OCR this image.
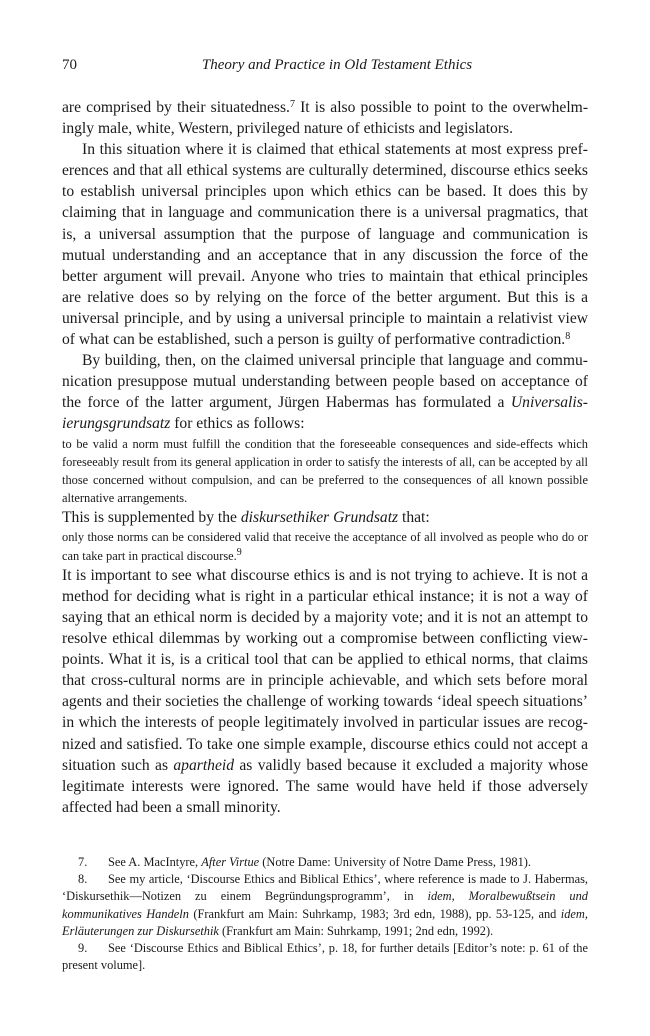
70	Theory and Practice in Old Testament Ethics

are comprised by their situatedness.$^7$ It is also possible to point to the overwhelmingly male, white, Western, privileged nature of ethicists and legislators.

In this situation where it is claimed that ethical statements at most express preferences and that all ethical systems are culturally determined, discourse ethics seeks to establish universal principles upon which ethics can be based. It does this by claiming that in language and communication there is a universal pragmatics, that is, a universal assumption that the purpose of language and communication is mutual understanding and an acceptance that in any discussion the force of the better argument will prevail. Anyone who tries to maintain that ethical principles are relative does so by relying on the force of the better argument. But this is a universal principle, and by using a universal principle to maintain a relativist view of what can be established, such a person is guilty of performative contradiction.$^8$

By building, then, on the claimed universal principle that language and communication presuppose mutual understanding between people based on acceptance of the force of the latter argument, Jürgen Habermas has formulated a Universalisierungsgrundsatz for ethics as follows:

to be valid a norm must fulfill the condition that the foreseeable consequences and side-effects which foreseeably result from its general application in order to satisfy the interests of all, can be accepted by all those concerned without compulsion, and can be preferred to the consequences of all known possible alternative arrangements.

This is supplemented by the diskursethiker Grundsatz that:

only those norms can be considered valid that receive the acceptance of all involved as people who do or can take part in practical discourse.$^9$

It is important to see what discourse ethics is and is not trying to achieve. It is not a method for deciding what is right in a particular ethical instance; it is not a way of saying that an ethical norm is decided by a majority vote; and it is not an attempt to resolve ethical dilemmas by working out a compromise between conflicting viewpoints. What it is, is a critical tool that can be applied to ethical norms, that claims that cross-cultural norms are in principle achievable, and which sets before moral agents and their societies the challenge of working towards ‘ideal speech situations’ in which the interests of people legitimately involved in particular issues are recognized and satisfied. To take one simple example, discourse ethics could not accept a situation such as apartheid as validly based because it excluded a majority whose legitimate interests were ignored. The same would have held if those adversely affected had been a small minority.

7. See A. MacIntyre, After Virtue (Notre Dame: University of Notre Dame Press, 1981).

8. See my article, ‘Discourse Ethics and Biblical Ethics’, where reference is made to J. Habermas, ‘Diskursethik—Notizen zu einem Begründungsprogramm’, in idem, Moralbewußtsein und kommunikatives Handeln (Frankfurt am Main: Suhrkamp, 1983; 3rd edn, 1988), pp. 53-125, and idem, Erläuterungen zur Diskursethik (Frankfurt am Main: Suhrkamp, 1991; 2nd edn, 1992).

9. See ‘Discourse Ethics and Biblical Ethics’, p. 18, for further details [Editor’s note: p. 61 of the present volume].
